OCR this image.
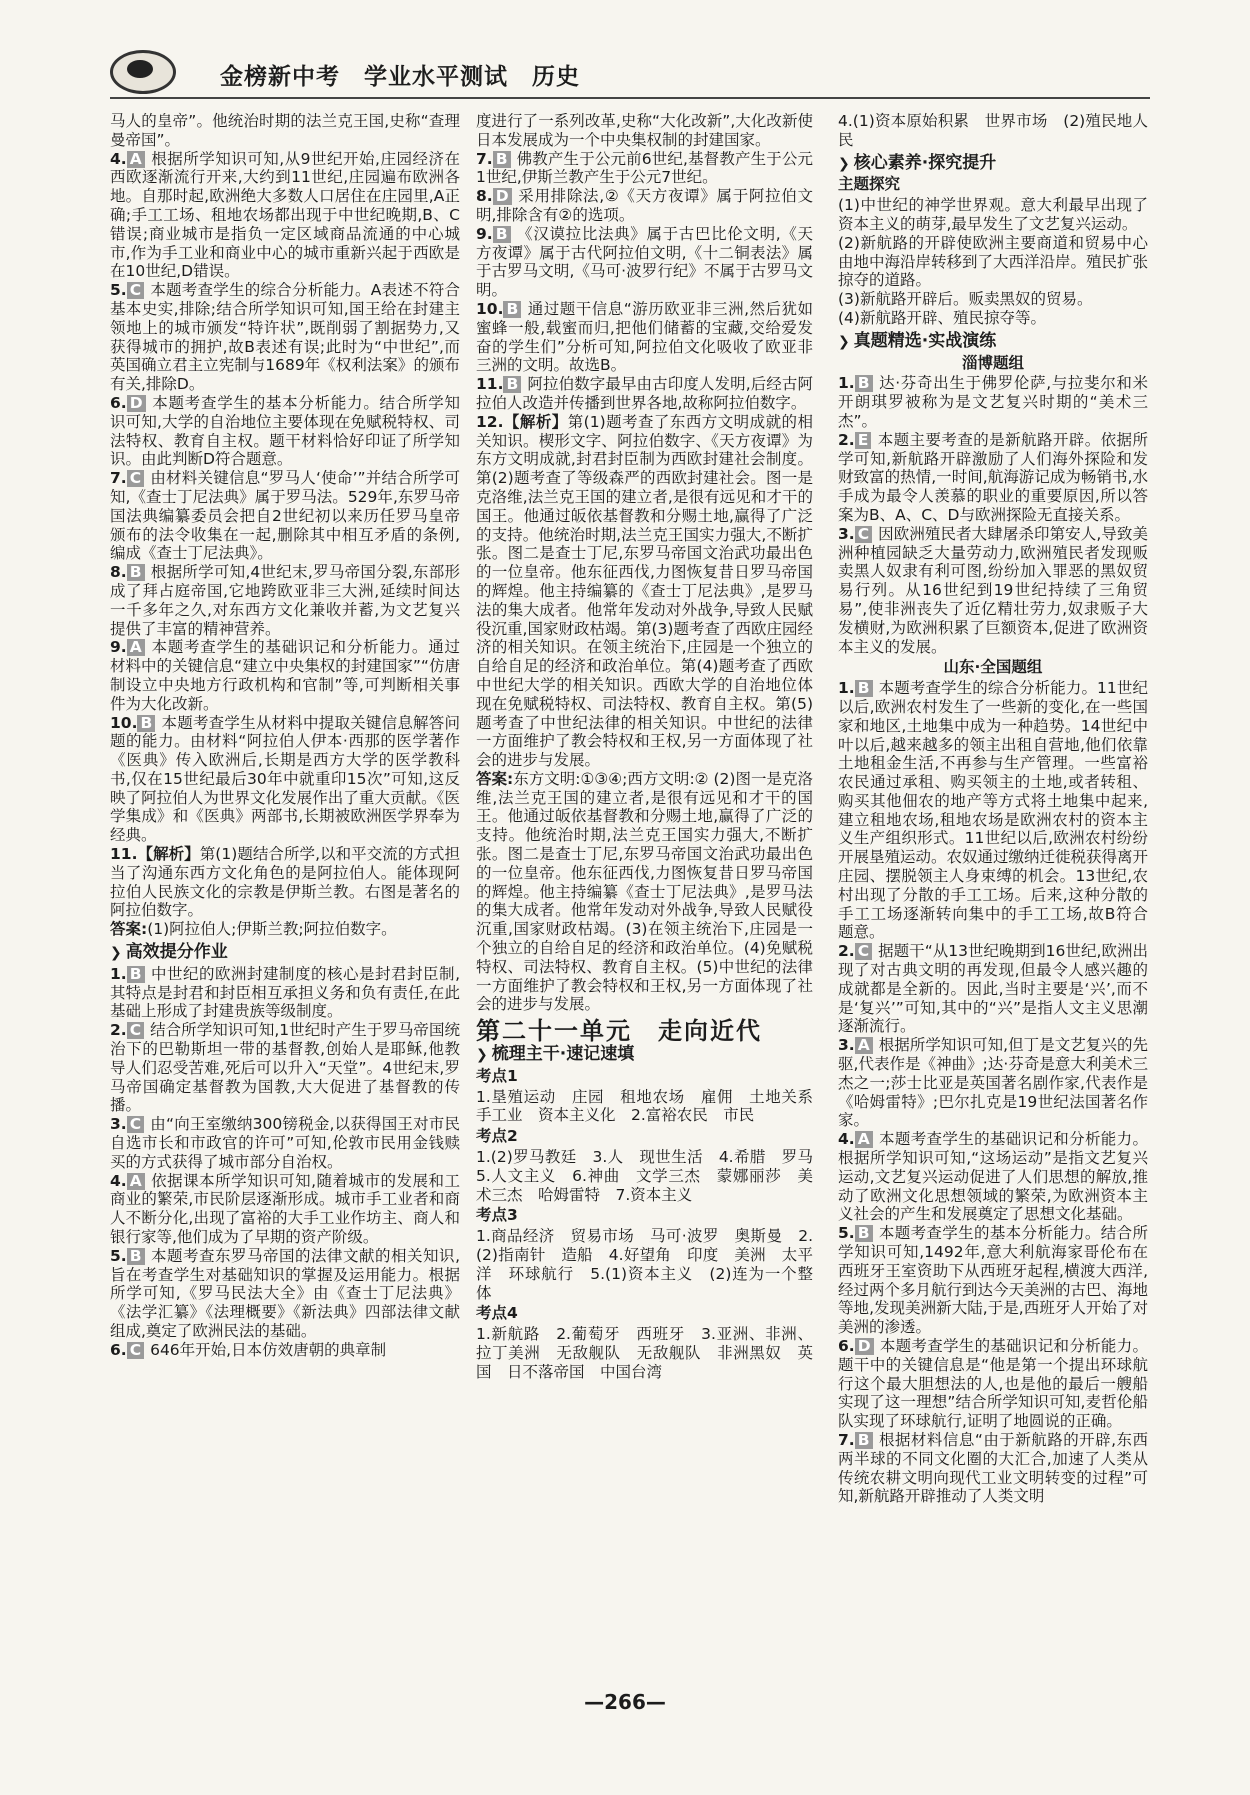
金榜新中考　学业水平测试　历史

马人的皇帝”。他统治时期的法兰克王国,史称“查理曼帝国”。

4. A 根据所学知识可知,从9世纪开始,庄园经济在西欧逐渐流行开来,大约到11世纪,庄园遍布欧洲各地。自那时起,欧洲绝大多数人口居住在庄园里,A正确;手工工场、租地农场都出现于中世纪晚期,B、C错误;商业城市是指负一定区域商品流通的中心城市,作为手工业和商业中心的城市重新兴起于西欧是在10世纪,D错误。

5. C 本题考查学生的综合分析能力。A表述不符合基本史实,排除;结合所学知识可知,国王给在封建主领地上的城市颁发“特许状”,既削弱了割据势力,又获得城市的拥护,故B表述有误;此时为“中世纪”,而英国确立君主立宪制与1689年《权利法案》的颁布有关,排除D。

6. D 本题考查学生的基本分析能力。结合所学知识可知,大学的自治地位主要体现在免赋税特权、司法特权、教育自主权。题干材料恰好印证了所学知识。由此判断D符合题意。

7. C 由材料关键信息“罗马人‘使命’”并结合所学可知,《查士丁尼法典》属于罗马法。529年,东罗马帝国法典编纂委员会把自2世纪初以来历任罗马皇帝颁布的法令收集在一起,删除其中相互矛盾的条例,编成《查士丁尼法典》。

8. B 根据所学可知,4世纪末,罗马帝国分裂,东部形成了拜占庭帝国,它地跨欧亚非三大洲,延续时间达一千多年之久,对东西方文化兼收并蓄,为文艺复兴提供了丰富的精神营养。

9. A 本题考查学生的基础识记和分析能力。通过材料中的关键信息“建立中央集权的封建国家”“仿唐制设立中央地方行政机构和官制”等,可判断相关事件为大化改新。

10. B 本题考查学生从材料中提取关键信息解答问题的能力。由材料“阿拉伯人伊本·西那的医学著作《医典》传入欧洲后,长期是西方大学的医学教科书,仅在15世纪最后30年中就重印15次”可知,这反映了阿拉伯人为世界文化发展作出了重大贡献。《医学集成》和《医典》两部书,长期被欧洲医学界奉为经典。

11.【解析】第(1)题结合所学,以和平交流的方式担当了沟通东西方文化角色的是阿拉伯人。能体现阿拉伯人民族文化的宗教是伊斯兰教。右图是著名的阿拉伯数字。
答案:(1)阿拉伯人;伊斯兰教;阿拉伯数字。

❯ 高效提分作业

1. B 中世纪的欧洲封建制度的核心是封君封臣制,其特点是封君和封臣相互承担义务和负有责任,在此基础上形成了封建贵族等级制度。

2. C 结合所学知识可知,1世纪时产生于罗马帝国统治下的巴勒斯坦一带的基督教,创始人是耶稣,他教导人们忍受苦难,死后可以升入“天堂”。4世纪末,罗马帝国确定基督教为国教,大大促进了基督教的传播。

3. C 由“向王室缴纳300镑税金,以获得国王对市民自选市长和市政官的许可”可知,伦敦市民用金钱赎买的方式获得了城市部分自治权。

4. A 依据课本所学知识可知,随着城市的发展和工商业的繁荣,市民阶层逐渐形成。城市手工业者和商人不断分化,出现了富裕的大手工业作坊主、商人和银行家等,他们成为了早期的资产阶级。

5. B 本题考查东罗马帝国的法律文献的相关知识,旨在考查学生对基础知识的掌握及运用能力。根据所学可知,《罗马民法大全》由《查士丁尼法典》《法学汇纂》《法理概要》《新法典》四部法律文献组成,奠定了欧洲民法的基础。

6. C 646年开始,日本仿效唐朝的典章制

度进行了一系列改革,史称“大化改新”,大化改新使日本发展成为一个中央集权制的封建国家。

7. B 佛教产生于公元前6世纪,基督教产生于公元1世纪,伊斯兰教产生于公元7世纪。

8. D 采用排除法,②《天方夜谭》属于阿拉伯文明,排除含有②的选项。

9. B 《汉谟拉比法典》属于古巴比伦文明,《天方夜谭》属于古代阿拉伯文明,《十二铜表法》属于古罗马文明,《马可·波罗行纪》不属于古罗马文明。

10. B 通过题干信息“游历欧亚非三洲,然后犹如蜜蜂一般,载蜜而归,把他们储蓄的宝藏,交给爱发奋的学生们”分析可知,阿拉伯文化吸收了欧亚非三洲的文明。故选B。

11. B 阿拉伯数字最早由古印度人发明,后经古阿拉伯人改造并传播到世界各地,故称阿拉伯数字。

12.【解析】第(1)题考查了东西方文明成就的相关知识。楔形文字、阿拉伯数字、《天方夜谭》为东方文明成就,封君封臣制为西欧封建社会制度。第(2)题考查了等级森严的西欧封建社会。图一是克洛维,法兰克王国的建立者,是很有远见和才干的国王。他通过皈依基督教和分赐土地,赢得了广泛的支持。他统治时期,法兰克王国实力强大,不断扩张。图二是查士丁尼,东罗马帝国文治武功最出色的一位皇帝。他东征西伐,力图恢复昔日罗马帝国的辉煌。他主持编纂的《查士丁尼法典》,是罗马法的集大成者。他常年发动对外战争,导致人民赋役沉重,国家财政枯竭。第(3)题考查了西欧庄园经济的相关知识。在领主统治下,庄园是一个独立的自给自足的经济和政治单位。第(4)题考查了西欧中世纪大学的相关知识。西欧大学的自治地位体现在免赋税特权、司法特权、教育自主权。第(5)题考查了中世纪法律的相关知识。中世纪的法律一方面维护了教会特权和王权,另一方面体现了社会的进步与发展。
答案:东方文明:①③④;西方文明:② (2)图一是克洛维,法兰克王国的建立者,是很有远见和才干的国王。他通过皈依基督教和分赐土地,赢得了广泛的支持。他统治时期,法兰克王国实力强大,不断扩张。图二是查士丁尼,东罗马帝国文治武功最出色的一位皇帝。他东征西伐,力图恢复昔日罗马帝国的辉煌。他主持编纂《查士丁尼法典》,是罗马法的集大成者。他常年发动对外战争,导致人民赋役沉重,国家财政枯竭。(3)在领主统治下,庄园是一个独立的自给自足的经济和政治单位。(4)免赋税特权、司法特权、教育自主权。(5)中世纪的法律一方面维护了教会特权和王权,另一方面体现了社会的进步与发展。

第二十一单元　走向近代
❯ 梳理主干·速记速填
考点1

1.垦殖运动　庄园　租地农场　雇佣　土地关系　手工业　资本主义化　2.富裕农民　市民

考点2

1.(2)罗马教廷　3.人　现世生活　4.希腊　罗马　5.人文主义　6.神曲　文学三杰　蒙娜丽莎　美术三杰　哈姆雷特　7.资本主义

考点3

1.商品经济　贸易市场　马可·波罗　奥斯曼　2.(2)指南针　造船　4.好望角　印度　美洲　太平洋　环球航行　5.(1)资本主义　(2)连为一个整体

考点4

1.新航路　2.葡萄牙　西班牙　3.亚洲、非洲、拉丁美洲　无敌舰队　无敌舰队　非洲黑奴　英国　日不落帝国　中国台湾

4.(1)资本原始积累　世界市场　(2)殖民地人民

❯ 核心素养·探究提升
主题探究

(1)中世纪的神学世界观。意大利最早出现了资本主义的萌芽,最早发生了文艺复兴运动。

(2)新航路的开辟使欧洲主要商道和贸易中心由地中海沿岸转移到了大西洋沿岸。殖民扩张掠夺的道路。

(3)新航路开辟后。贩卖黑奴的贸易。

(4)新航路开辟、殖民掠夺等。

❯ 真题精选·实战演练
淄博题组

1. B 达·芬奇出生于佛罗伦萨,与拉斐尔和米开朗琪罗被称为是文艺复兴时期的“美术三杰”。

2. E 本题主要考查的是新航路开辟。依据所学可知,新航路开辟激励了人们海外探险和发财致富的热情,一时间,航海游记成为畅销书,水手成为最令人羡慕的职业的重要原因,所以答案为B、A、C、D与欧洲探险无直接关系。

3. C 因欧洲殖民者大肆屠杀印第安人,导致美洲种植园缺乏大量劳动力,欧洲殖民者发现贩卖黑人奴隶有利可图,纷纷加入罪恶的黑奴贸易行列。从16世纪到19世纪持续了三角贸易”,使非洲丧失了近亿精壮劳力,奴隶贩子大发横财,为欧洲积累了巨额资本,促进了欧洲资本主义的发展。

山东·全国题组

1. B 本题考查学生的综合分析能力。11世纪以后,欧洲农村发生了一些新的变化,在一些国家和地区,土地集中成为一种趋势。14世纪中叶以后,越来越多的领主出租自营地,他们依靠土地租金生活,不再参与生产管理。一些富裕农民通过承租、购买领主的土地,或者转租、购买其他佃农的地产等方式将土地集中起来,建立租地农场,租地农场是欧洲农村的资本主义生产组织形式。11世纪以后,欧洲农村纷纷开展垦殖运动。农奴通过缴纳迁徙税获得离开庄园、摆脱领主人身束缚的机会。13世纪,农村出现了分散的手工工场。后来,这种分散的手工工场逐渐转向集中的手工工场,故B符合题意。

2. C 据题干“从13世纪晚期到16世纪,欧洲出现了对古典文明的再发现,但最令人感兴趣的成就都是全新的。因此,当时主要是‘兴’,而不是‘复兴’”可知,其中的“兴”是指人文主义思潮逐渐流行。

3. A 根据所学知识可知,但丁是文艺复兴的先驱,代表作是《神曲》;达·芬奇是意大利美术三杰之一;莎士比亚是英国著名剧作家,代表作是《哈姆雷特》;巴尔扎克是19世纪法国著名作家。

4. A 本题考查学生的基础识记和分析能力。根据所学知识可知,“这场运动”是指文艺复兴运动,文艺复兴运动促进了人们思想的解放,推动了欧洲文化思想领域的繁荣,为欧洲资本主义社会的产生和发展奠定了思想文化基础。

5. B 本题考查学生的基本分析能力。结合所学知识可知,1492年,意大利航海家哥伦布在西班牙王室资助下从西班牙起程,横渡大西洋,经过两个多月航行到达今天美洲的古巴、海地等地,发现美洲新大陆,于是,西班牙人开始了对美洲的渗透。

6. D 本题考查学生的基础识记和分析能力。题干中的关键信息是“他是第一个提出环球航行这个最大胆想法的人,也是他的最后一艘船实现了这一理想”结合所学知识可知,麦哲伦船队实现了环球航行,证明了地圆说的正确。

7. B 根据材料信息“由于新航路的开辟,东西两半球的不同文化圈的大汇合,加速了人类从传统农耕文明向现代工业文明转变的过程”可知,新航路开辟推动了人类文明

—266—
